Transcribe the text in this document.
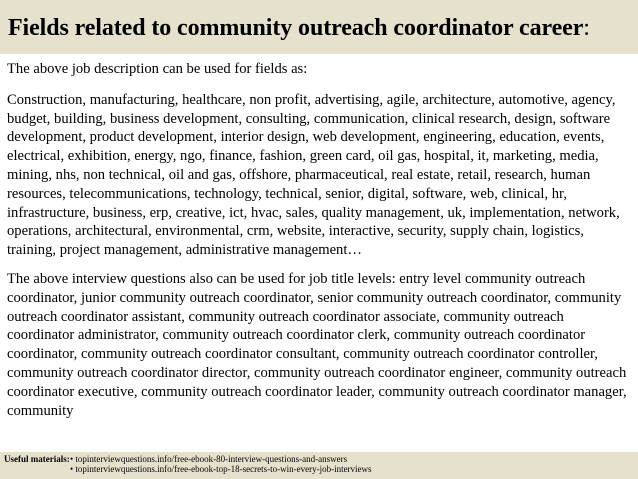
Fields related to community outreach coordinator career:

The above job description can be used for fields as:

Construction, manufacturing, healthcare, non profit, advertising, agile, architecture, automotive, agency, budget, building, business development, consulting, communication, clinical research, design, software development, product development, interior design, web development, engineering, education, events, electrical, exhibition, energy, ngo, finance, fashion, green card, oil gas, hospital, it, marketing, media, mining, nhs, non technical, oil and gas, offshore, pharmaceutical, real estate, retail, research, human resources, telecommunications, technology, technical, senior, digital, software, web, clinical, hr, infrastructure, business, erp, creative, ict, hvac, sales, quality management, uk, implementation, network, operations, architectural, environmental, crm, website, interactive, security, supply chain, logistics, training, project management, administrative management…

The above interview questions also can be used for job title levels: entry level community outreach coordinator, junior community outreach coordinator, senior community outreach coordinator, community outreach coordinator assistant, community outreach coordinator associate, community outreach coordinator administrator, community outreach coordinator clerk, community outreach coordinator coordinator, community outreach coordinator consultant, community outreach coordinator controller, community outreach coordinator director, community outreach coordinator engineer, community outreach coordinator executive, community outreach coordinator leader, community outreach coordinator manager, community

Useful materials: • topinterviewquestions.info/free-ebook-80-interview-questions-and-answers
• topinterviewquestions.info/free-ebook-top-18-secrets-to-win-every-job-interviews
